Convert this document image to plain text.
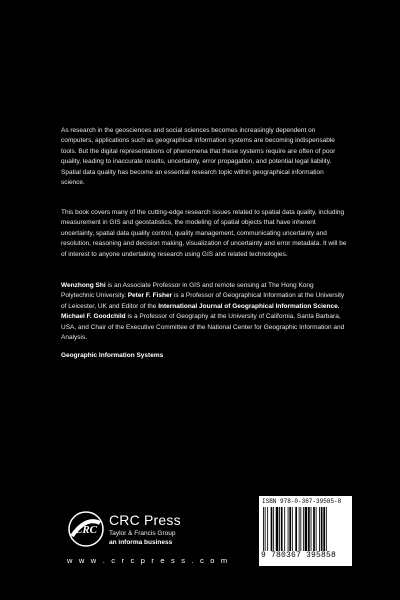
As research in the geosciences and social sciences becomes increasingly dependent on computers, applications such as geographical information systems are becoming indispensable tools. But the digital representations of phenomena that these systems require are often of poor quality, leading to inaccurate results, uncertainty, error propagation, and potential legal liability. Spatial data quality has become an essential research topic within geographical information science.

This book covers many of the cutting-edge research issues related to spatial data quality, including measurement in GIS and geostatistics, the modeling of spatial objects that have inherent uncertainty, spatial data quality control, quality management, communicating uncertainty and resolution, reasoning and decision making, visualization of uncertainty and error metadata. It will be of interest to anyone undertaking research using GIS and related technologies.

Wenzhong Shi is an Associate Professor in GIS and remote sensing at The Hong Kong Polytechnic University. Peter F. Fisher is a Professor of Geographical Information at the University of Leicester, UK and Editor of the International Journal of Geographical Information Science. Michael F. Goodchild is a Professor of Geography at the University of California, Santa Barbara, USA, and Chair of the Executive Committee of the National Center for Geographic Information and Analysis.

Geographic Information Systems
CRC
CRC Press
Taylor & Francis Group
an informa business
w w w . c r c p r e s s . c o m
ISBN 978-0-367-39585-8
9 780367 395858
